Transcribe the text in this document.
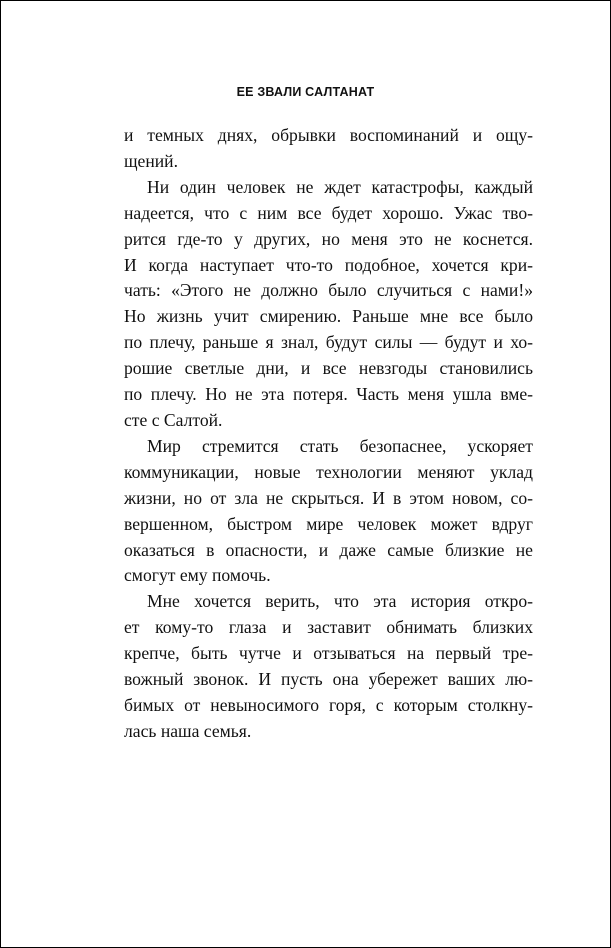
ЕЕ ЗВАЛИ САЛТАНАТ

и темных днях, обрывки воспоминаний и ощу-
щений.

Ни один человек не ждет катастрофы, каждый
надеется, что с ним все будет хорошо. Ужас тво-
рится где-то у других, но меня это не коснется.
И когда наступает что-то подобное, хочется кри-
чать: «Этого не должно было случиться с нами!»
Но жизнь учит смирению. Раньше мне все было
по плечу, раньше я знал, будут силы — будут и хо-
рошие светлые дни, и все невзгоды становились
по плечу. Но не эта потеря. Часть меня ушла вме-
сте с Салтой.

Мир стремится стать безопаснее, ускоряет
коммуникации, новые технологии меняют уклад
жизни, но от зла не скрыться. И в этом новом, со-
вершенном, быстром мире человек может вдруг
оказаться в опасности, и даже самые близкие не
смогут ему помочь.

Мне хочется верить, что эта история откро-
ет кому-то глаза и заставит обнимать близких
крепче, быть чутче и отзываться на первый тре-
вожный звонок. И пусть она убережет ваших лю-
бимых от невыносимого горя, с которым столкну-
лась наша семья.
